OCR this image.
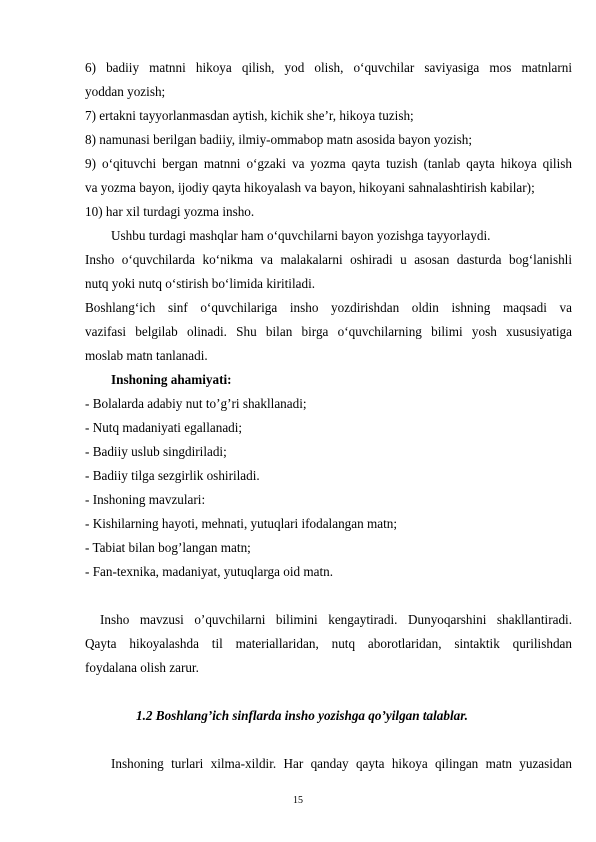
6) badiiy matnni hikoya qilish, yod olish, o‘quvchilar saviyasiga mos matnlarni
yoddan yozish;
7) ertakni tayyorlanmasdan aytish, kichik she’r, hikoya tuzish;
8) namunasi berilgan badiiy, ilmiy-ommabop matn asosida bayon yozish;
9) o‘qituvchi bergan matnni o‘gzaki va yozma qayta tuzish (tanlab qayta hikoya qilish
va yozma bayon, ijodiy qayta hikoyalash va bayon, hikoyani sahnalashtirish kabilar);
10) har xil turdagi yozma insho.
Ushbu turdagi mashqlar ham o‘quvchilarni bayon yozishga tayyorlaydi.
Insho o‘quvchilarda ko‘nikma va malakalarni oshiradi u asosan dasturda bog‘lanishli
nutq yoki nutq o‘stirish bo‘limida kiritiladi.
Boshlang‘ich sinf o‘quvchilariga insho yozdirishdan oldin ishning maqsadi va
vazifasi belgilab olinadi. Shu bilan birga o‘quvchilarning bilimi yosh xususiyatiga
moslab matn tanlanadi.
Inshoning ahamiyati:
- Bolalarda adabiy nut to’g’ri shakllanadi;
- Nutq madaniyati egallanadi;
- Badiiy uslub singdiriladi;
- Badiiy tilga sezgirlik oshiriladi.
- Inshoning mavzulari:
- Kishilarning hayoti, mehnati, yutuqlari ifodalangan matn;
- Tabiat bilan bog’langan matn;
- Fan-texnika, madaniyat, yutuqlarga oid matn.
Insho mavzusi o’quvchilarni bilimini kengaytiradi. Dunyoqarshini shakllantiradi.
Qayta hikoyalashda til materiallaridan, nutq aborotlaridan, sintaktik qurilishdan
foydalana olish zarur.
1.2 Boshlang’ich sinflarda insho yozishga qo’yilgan talablar.
Inshoning turlari xilma-xildir. Har qanday qayta hikoya qilingan matn yuzasidan
15
